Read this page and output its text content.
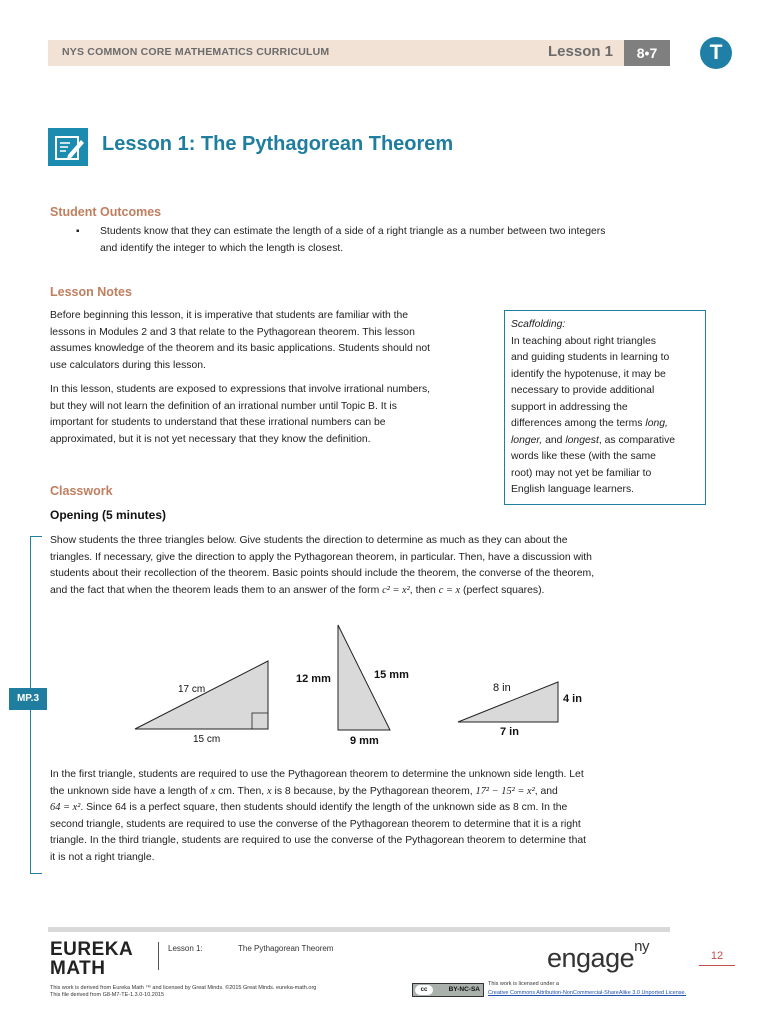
NYS COMMON CORE MATHEMATICS CURRICULUM	Lesson 1	8•7	T
Lesson 1: The Pythagorean Theorem
Student Outcomes
▪ Students know that they can estimate the length of a side of a right triangle as a number between two integers
and identify the integer to which the length is closest.
Lesson Notes
Before beginning this lesson, it is imperative that students are familiar with the
lessons in Modules 2 and 3 that relate to the Pythagorean theorem. This lesson
assumes knowledge of the theorem and its basic applications. Students should not
use calculators during this lesson.
In this lesson, students are exposed to expressions that involve irrational numbers,
but they will not learn the definition of an irrational number until Topic B. It is
important for students to understand that these irrational numbers can be
approximated, but it is not yet necessary that they know the definition.
Scaffolding:

In teaching about right triangles

and guiding students in learning to

identify the hypotenuse, it may be

necessary to provide additional

support in addressing the

differences among the terms long,

longer, and longest, as comparative

words like these (with the same

root) may not yet be familiar to

English language learners.

Classwork
Opening (5 minutes)
MP.3
Show students the three triangles below. Give students the direction to determine as much as they can about the
triangles. If necessary, give the direction to apply the Pythagorean theorem, in particular. Then, have a discussion with
students about their recollection of the theorem. Basic points should include the theorem, the converse of the theorem,
and the fact that when the theorem leads them to an answer of the form c² = x², then c = x (perfect squares).
17 cm
15 cm
12 mm	15 mm
9 mm
8 in
4 in
7 in
In the first triangle, students are required to use the Pythagorean theorem to determine the unknown side length. Let
the unknown side have a length of x cm. Then, x is 8 because, by the Pythagorean theorem, 17² − 15² = x², and
64 = x². Since 64 is a perfect square, then students should identify the length of the unknown side as 8 cm. In the
second triangle, students are required to use the converse of the Pythagorean theorem to determine that it is a right
triangle. In the third triangle, students are required to use the converse of the Pythagorean theorem to determine that
it is not a right triangle.
EUREKA
MATH
Lesson 1:	The Pythagorean Theorem	engage$^{ny}$
12
This work is derived from Eureka Math ™ and licensed by Great Minds. ©2015 Great Minds. eureka-math.org
This file derived from G8-M7-TE-1.3.0-10.2015
cc	BY-NC-SA
This work is licensed under a
Creative Commons Attribution-NonCommercial-ShareAlike 3.0 Unported License.
